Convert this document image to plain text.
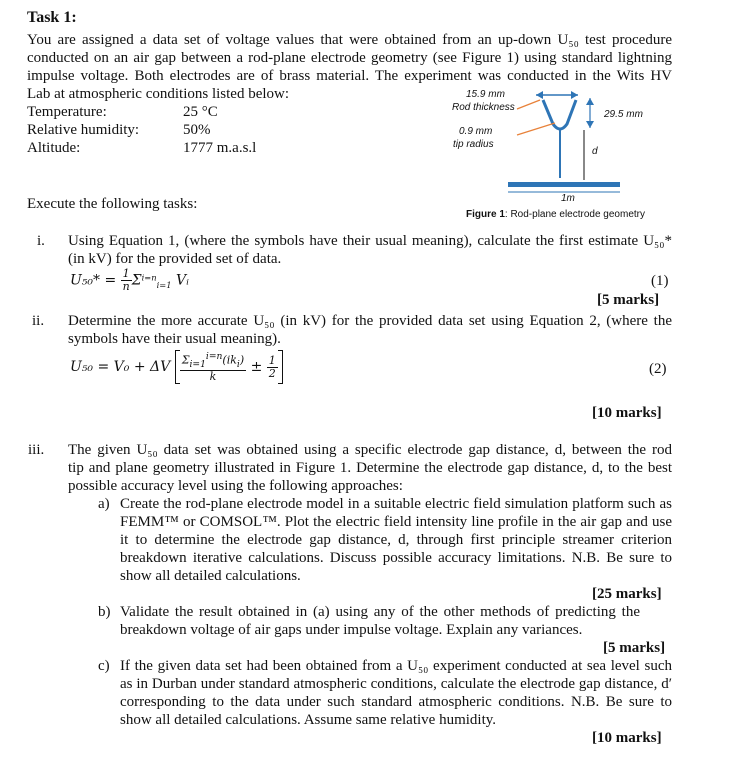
Task 1:
You are assigned a data set of voltage values that were obtained from an up-down U₅₀ test procedure
conducted on an air gap between a rod-plane electrode geometry (see Figure 1) using standard lightning
impulse voltage. Both electrodes are of brass material. The experiment was conducted in the Wits HV
Lab at atmospheric conditions listed below:
Temperature:	25 °C
Relative humidity:	50%
Altitude:	1777 m.a.s.l
15.9 mm
Rod thickness
0.9 mm
tip radius
29.5 mm
d
1m
Figure 1: Rod-plane electrode geometry
Execute the following tasks:
i. Using Equation 1, (where the symbols have their usual meaning), calculate the first estimate U₅₀*
(in kV) for the provided set of data.
$U_{50}* = \frac{1}{n} \Sigma^{i=n}_{i=1}$ Vᵢ	(1)
[5 marks]
ii. Determine the more accurate U₅₀ (in kV) for the provided data set using Equation 2, (where the
symbols have their usual meaning).
U₅₀ = V₀ + ΔV $\frac{\Sigma_{i=1}^{i=n}(ik_i)}{k} \pm \frac{1}{2}$	(2)
[10 marks]
iii. The given U₅₀ data set was obtained using a specific electrode gap distance, d, between the rod
tip and plane geometry illustrated in Figure 1. Determine the electrode gap distance, d, to the best
possible accuracy level using the following approaches:
a) Create the rod-plane electrode model in a suitable electric field simulation platform such as FEMM™ or COMSOL™. Plot the electric field intensity line profile in the air gap and use it to determine the electrode gap distance, d, through first principle streamer criterion breakdown iterative calculations. Discuss possible accuracy limitations. N.B. Be sure to show all detailed calculations.
[25 marks]
b) Validate the result obtained in (a) using any of the other methods of predicting the breakdown voltage of air gaps under impulse voltage. Explain any variances.
[5 marks]
c) If the given data set had been obtained from a U₅₀ experiment conducted at sea level such as in Durban under standard atmospheric conditions, calculate the electrode gap distance, d′ corresponding to the data under such standard atmospheric conditions. N.B. Be sure to show all detailed calculations. Assume same relative humidity.
[10 marks]
